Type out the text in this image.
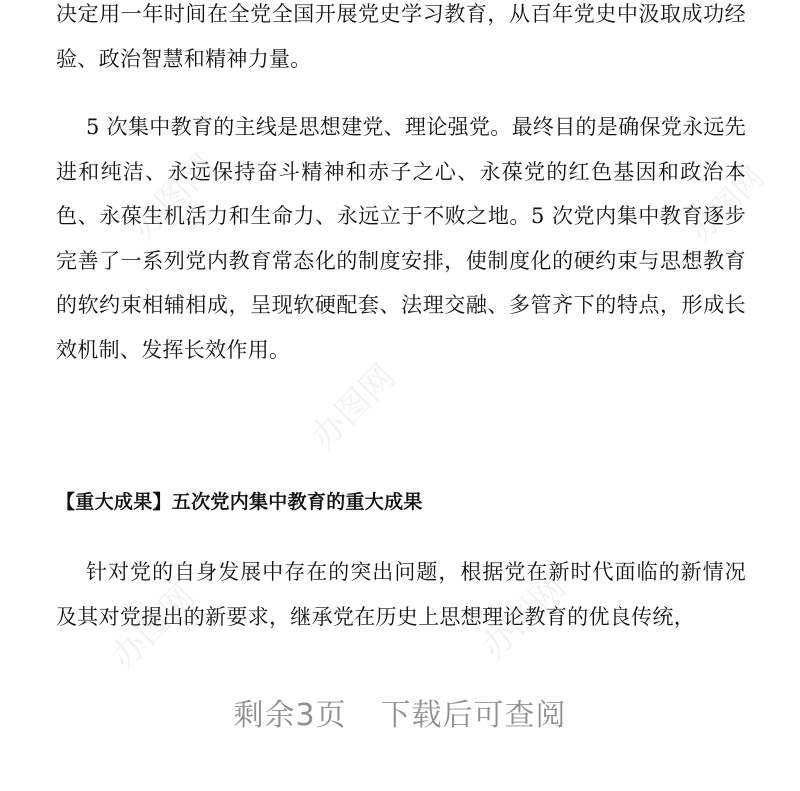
决定用一年时间在全党全国开展党史学习教育，从百年党史中汲取成功经验、政治智慧和精神力量。

5 次集中教育的主线是思想建党、理论强党。最终目的是确保党永远先进和纯洁、永远保持奋斗精神和赤子之心、永葆党的红色基因和政治本色、永葆生机活力和生命力、永远立于不败之地。5 次党内集中教育逐步完善了一系列党内教育常态化的制度安排，使制度化的硬约束与思想教育的软约束相辅相成，呈现软硬配套、法理交融、多管齐下的特点，形成长效机制、发挥长效作用。

【重大成果】五次党内集中教育的重大成果

针对党的自身发展中存在的突出问题，根据党在新时代面临的新情况及其对党提出的新要求，继承党在历史上思想理论教育的优良传统，

办图网
办图网
办图网
办图网
办图网
剩余3页 下载后可查阅
